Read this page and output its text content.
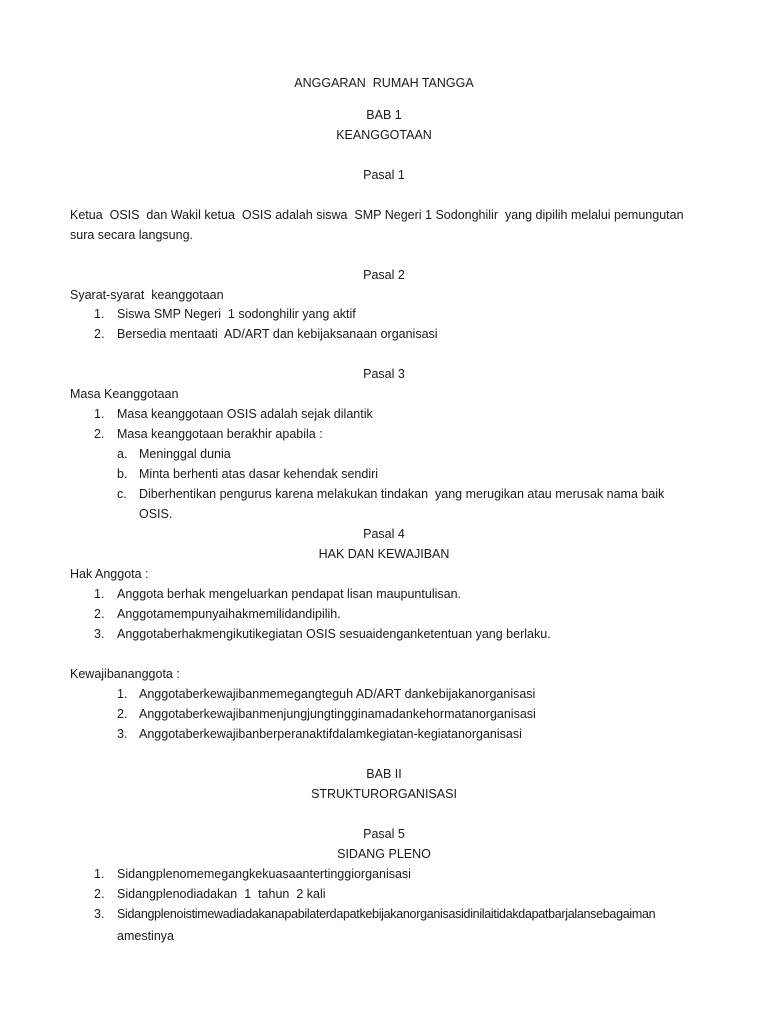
ANGGARAN  RUMAH TANGGA
BAB 1
KEANGGOTAAN
Pasal 1
Ketua  OSIS  dan Wakil ketua  OSIS adalah siswa  SMP Negeri 1 Sodonghilir  yang dipilih melalui pemungutan
sura secara langsung.
Pasal 2
Syarat-syarat  keanggotaan
1. Siswa SMP Negeri  1 sodonghilir yang aktif
2. Bersedia mentaati  AD/ART dan kebijaksanaan organisasi
Pasal 3
Masa Keanggotaan
1. Masa keanggotaan OSIS adalah sejak dilantik
2. Masa keanggotaan berakhir apabila :
a. Meninggal dunia
b. Minta berhenti atas dasar kehendak sendiri
c. Diberhentikan pengurus karena melakukan tindakan  yang merugikan atau merusak nama baik
OSIS.
Pasal 4
HAK DAN KEWAJIBAN
Hak Anggota :
1. Anggota berhak mengeluarkan pendapat lisan maupuntulisan.
2. Anggotamempunyaihakmemilidandipilih.
3. Anggotaberhakmengikutikegiatan OSIS sesuaidenganketentuan yang berlaku.
Kewajibananggota :
1. Anggotaberkewajibanmemegangteguh AD/ART dankebijakanorganisasi
2. Anggotaberkewajibanmenjungjungtingginamadankehormatanorganisasi
3. Anggotaberkewajibanberperanaktifdalamkegiatan-kegiatanorganisasi
BAB II
STRUKTURORGANISASI
Pasal 5
SIDANG PLENO
1. Sidangplenomemegangkekuasaantertinggiorganisasi
2. Sidangplenodiadakan  1  tahun  2 kali
3. Sidangplenoistimewadiadakanapabilaterdapatkebijakanorganisasidinilaitidakdapatbarjalansebagaiman
amestinya
